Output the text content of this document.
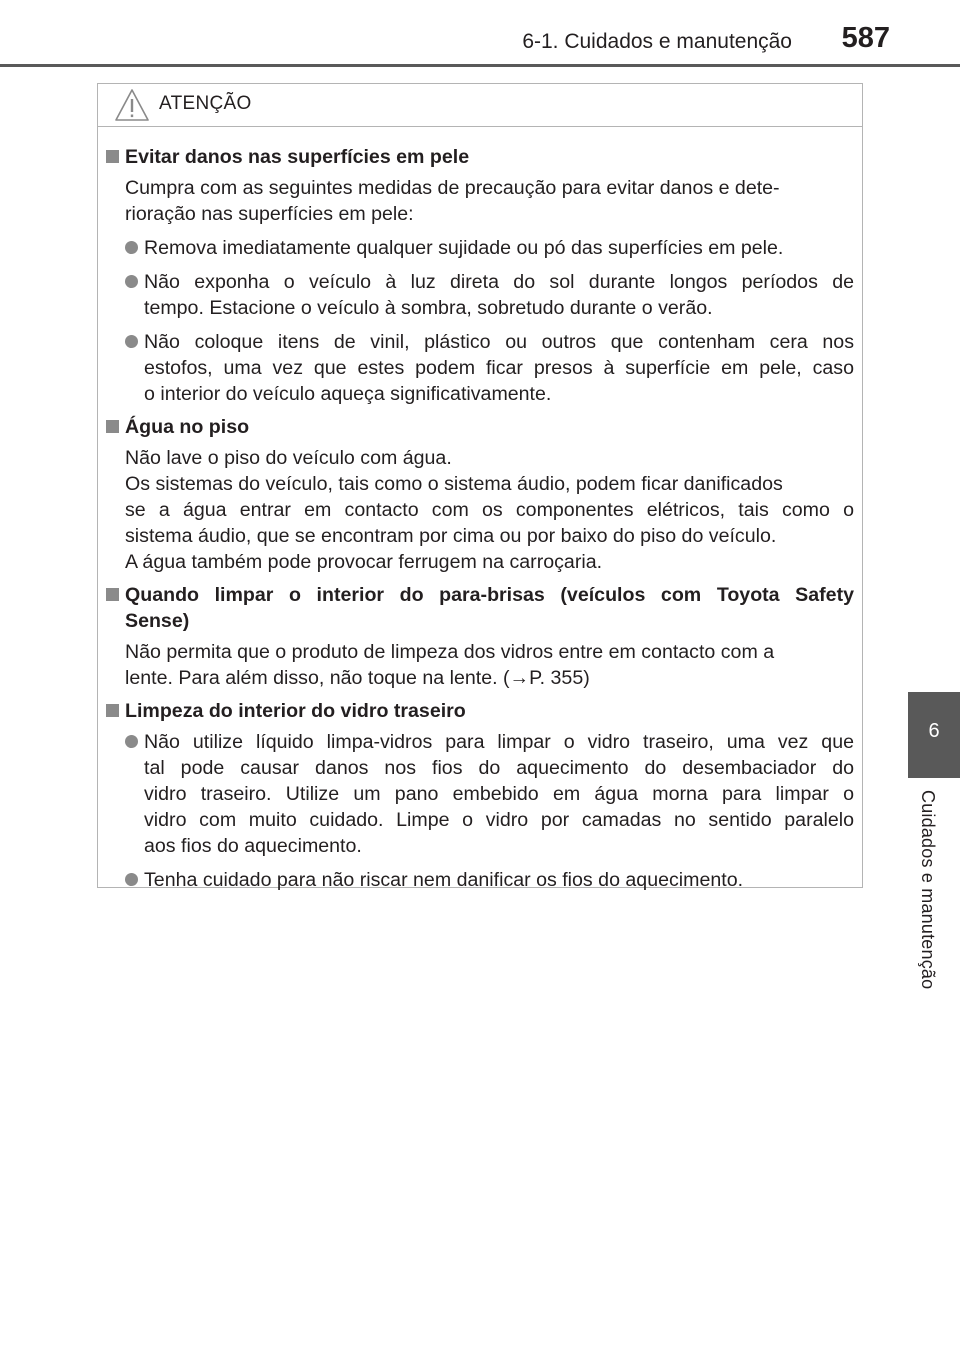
6-1. Cuidados e manutenção 587
6
Cuidados e manutenção
ATENÇÃO
Evitar danos nas superfícies em pele
Cumpra com as seguintes medidas de precaução para evitar danos e dete-
rioração nas superfícies em pele:
Remova imediatamente qualquer sujidade ou pó das superfícies em pele.
Não exponha o veículo à luz direta do sol durante longos períodos de
tempo. Estacione o veículo à sombra, sobretudo durante o verão.
Não coloque itens de vinil, plástico ou outros que contenham cera nos
estofos, uma vez que estes podem ficar presos à superfície em pele, caso
o interior do veículo aqueça significativamente.
Água no piso
Não lave o piso do veículo com água.
Os sistemas do veículo, tais como o sistema áudio, podem ficar danificados
se a água entrar em contacto com os componentes elétricos, tais como o
sistema áudio, que se encontram por cima ou por baixo do piso do veículo.
A água também pode provocar ferrugem na carroçaria.
Quando limpar o interior do para-brisas (veículos com Toyota Safety
Sense)
Não permita que o produto de limpeza dos vidros entre em contacto com a
lente. Para além disso, não toque na lente. (→P. 355)
Limpeza do interior do vidro traseiro
Não utilize líquido limpa-vidros para limpar o vidro traseiro, uma vez que
tal pode causar danos nos fios do aquecimento do desembaciador do
vidro traseiro. Utilize um pano embebido em água morna para limpar o
vidro com muito cuidado. Limpe o vidro por camadas no sentido paralelo
aos fios do aquecimento.
Tenha cuidado para não riscar nem danificar os fios do aquecimento.
